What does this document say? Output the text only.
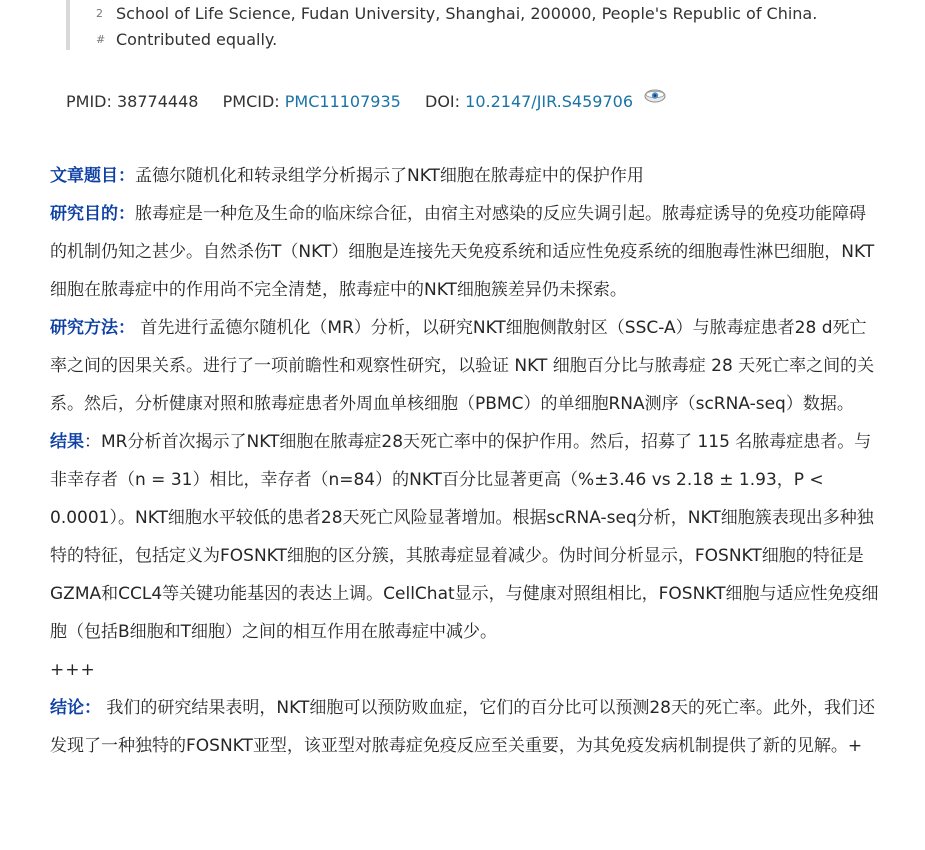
2 School of Life Science, Fudan University, Shanghai, 200000, People's Republic of China.
# Contributed equally.
PMID: 38774448 PMCID: PMC11107935 DOI: 10.2147/JIR.S459706

文章题目：孟德尔随机化和转录组学分析揭示了NKT细胞在脓毒症中的保护作用

研究目的：脓毒症是一种危及生命的临床综合征，由宿主对感染的反应失调引起。脓毒症诱导的免疫功能障碍的机制仍知之甚少。自然杀伤T（NKT）细胞是连接先天免疫系统和适应性免疫系统的细胞毒性淋巴细胞，NKT细胞在脓毒症中的作用尚不完全清楚，脓毒症中的NKT细胞簇差异仍未探索。

研究方法： 首先进行孟德尔随机化（MR）分析，以研究NKT细胞侧散射区（SSC-A）与脓毒症患者28 d死亡率之间的因果关系。进行了一项前瞻性和观察性研究，以验证 NKT 细胞百分比与脓毒症 28 天死亡率之间的关系。然后，分析健康对照和脓毒症患者外周血单核细胞（PBMC）的单细胞RNA测序（scRNA-seq）数据。

结果：MR分析首次揭示了NKT细胞在脓毒症28天死亡率中的保护作用。然后，招募了 115 名脓毒症患者。与非幸存者（n = 31）相比，幸存者（n=84）的NKT百分比显著更高（%±3.46 vs 2.18 ± 1.93，P < 0.0001）。NKT细胞水平较低的患者28天死亡风险显著增加。根据scRNA-seq分析，NKT细胞簇表现出多种独特的特征，包括定义为FOSNKT细胞的区分簇，其脓毒症显着减少。伪时间分析显示，FOSNKT细胞的特征是GZMA和CCL4等关键功能基因的表达上调。CellChat显示，与健康对照组相比，FOSNKT细胞与适应性免疫细胞（包括B细胞和T细胞）之间的相互作用在脓毒症中减少。

+++

结论： 我们的研究结果表明，NKT细胞可以预防败血症，它们的百分比可以预测28天的死亡率。此外，我们还发现了一种独特的FOSNKT亚型，该亚型对脓毒症免疫反应至关重要，为其免疫发病机制提供了新的见解。+
